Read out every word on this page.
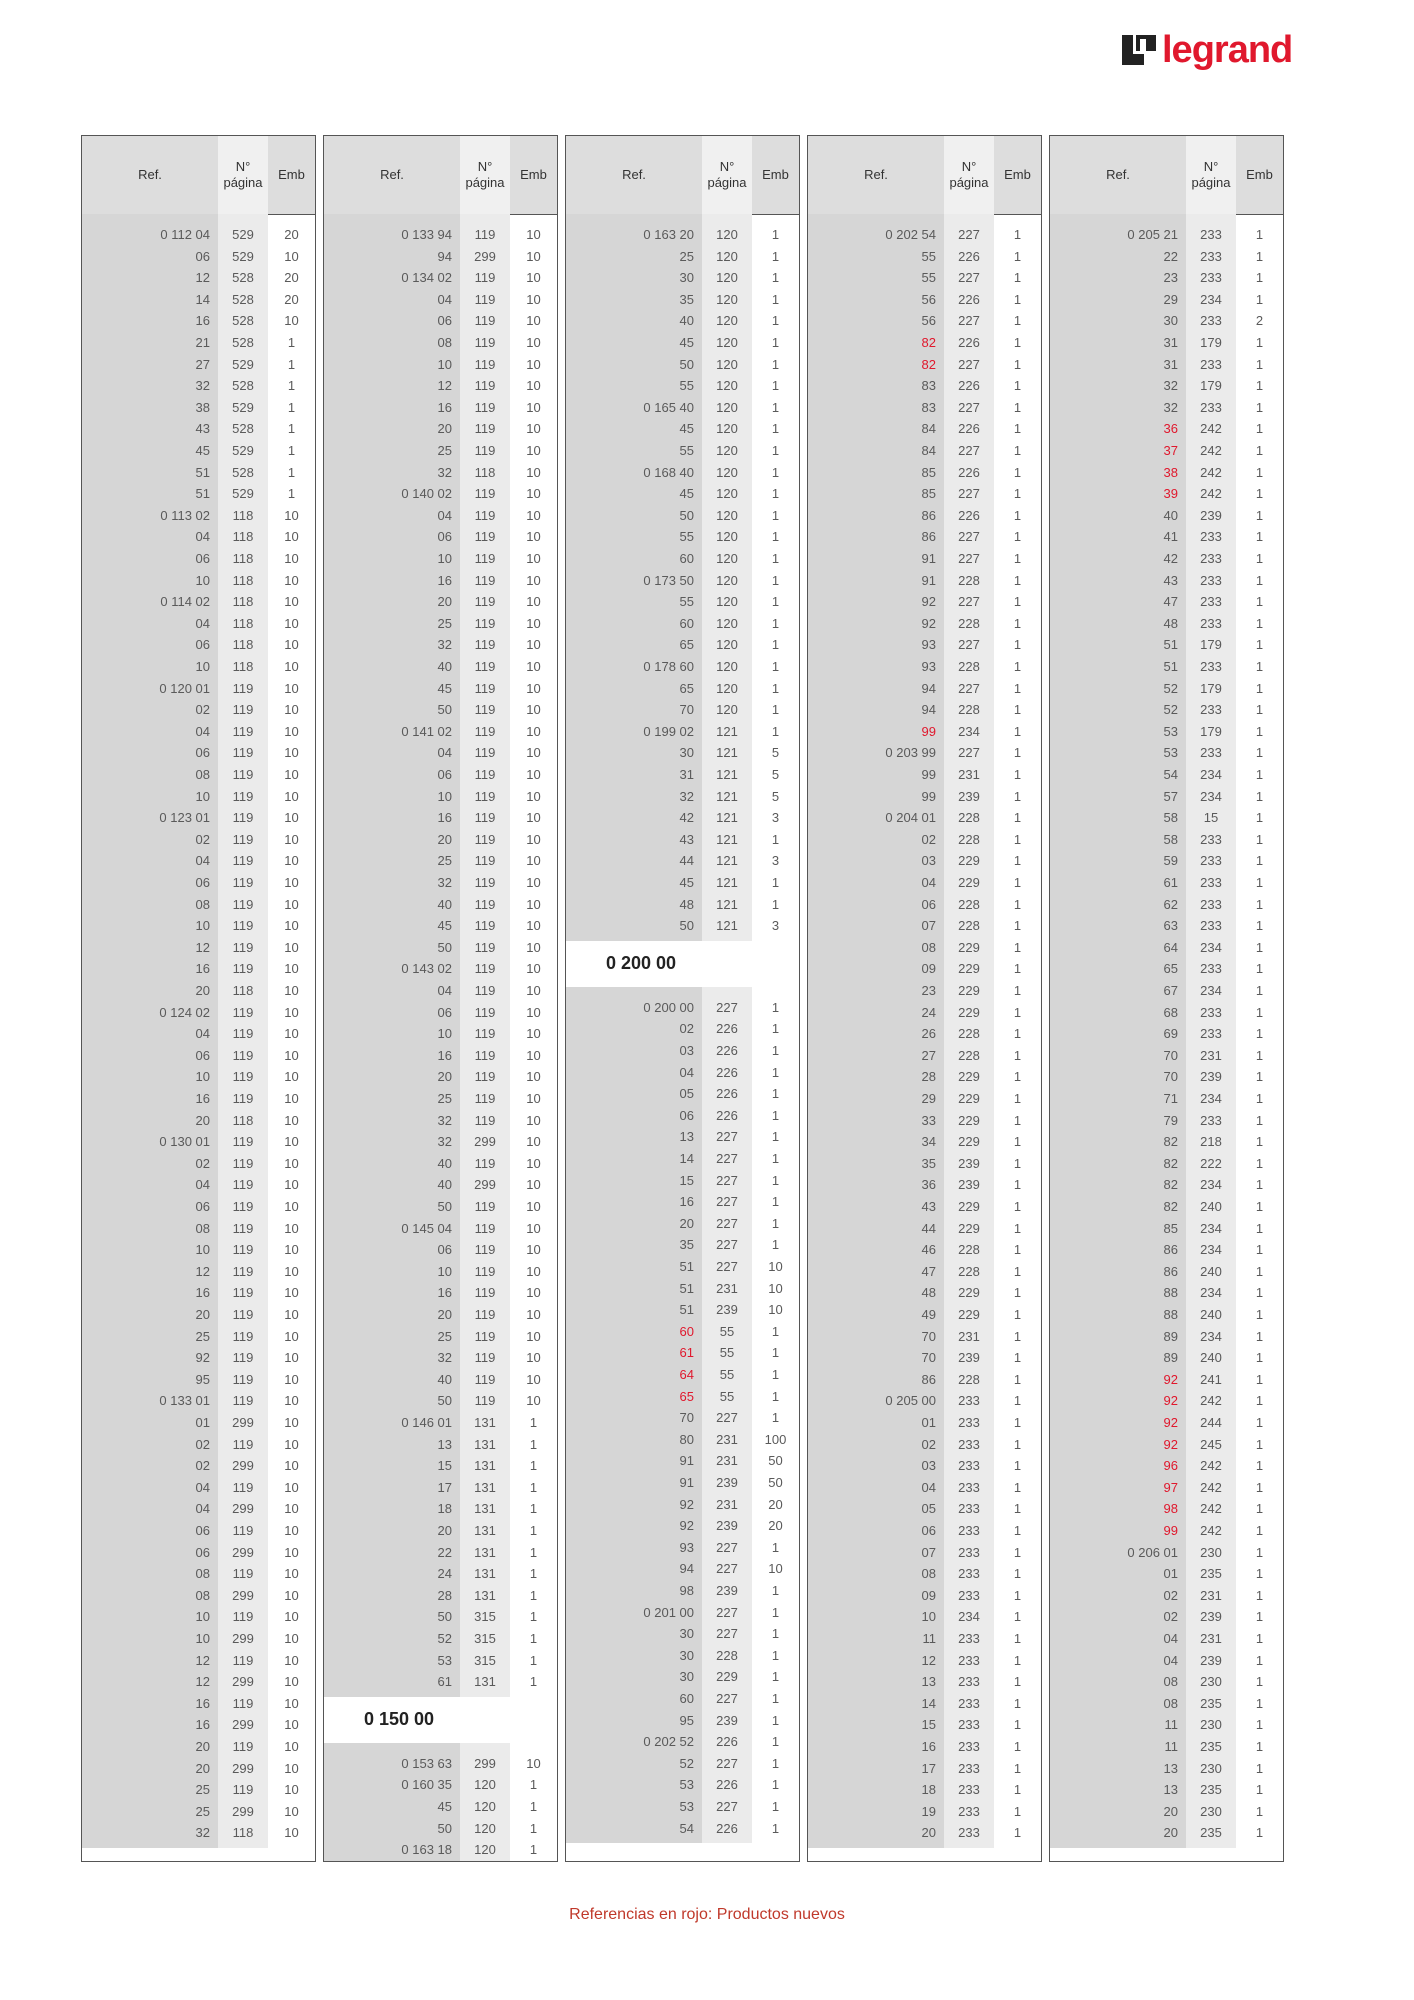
legrand
Ref.
N°
página
Emb
0 112 04	529	20
06	529	10
12	528	20
14	528	20
16	528	10
21	528	1
27	529	1
32	528	1
38	529	1
43	528	1
45	529	1
51	528	1
51	529	1
0 113 02	118	10
04	118	10
06	118	10
10	118	10
0 114 02	118	10
04	118	10
06	118	10
10	118	10
0 120 01	119	10
02	119	10
04	119	10
06	119	10
08	119	10
10	119	10
0 123 01	119	10
02	119	10
04	119	10
06	119	10
08	119	10
10	119	10
12	119	10
16	119	10
20	118	10
0 124 02	119	10
04	119	10
06	119	10
10	119	10
16	119	10
20	118	10
0 130 01	119	10
02	119	10
04	119	10
06	119	10
08	119	10
10	119	10
12	119	10
16	119	10
20	119	10
25	119	10
92	119	10
95	119	10
0 133 01	119	10
01	299	10
02	119	10
02	299	10
04	119	10
04	299	10
06	119	10
06	299	10
08	119	10
08	299	10
10	119	10
10	299	10
12	119	10
12	299	10
16	119	10
16	299	10
20	119	10
20	299	10
25	119	10
25	299	10
32	118	10
Ref.
N°
página
Emb
0 133 94	119	10
94	299	10
0 134 02	119	10
04	119	10
06	119	10
08	119	10
10	119	10
12	119	10
16	119	10
20	119	10
25	119	10
32	118	10
0 140 02	119	10
04	119	10
06	119	10
10	119	10
16	119	10
20	119	10
25	119	10
32	119	10
40	119	10
45	119	10
50	119	10
0 141 02	119	10
04	119	10
06	119	10
10	119	10
16	119	10
20	119	10
25	119	10
32	119	10
40	119	10
45	119	10
50	119	10
0 143 02	119	10
04	119	10
06	119	10
10	119	10
16	119	10
20	119	10
25	119	10
32	119	10
32	299	10
40	119	10
40	299	10
50	119	10
0 145 04	119	10
06	119	10
10	119	10
16	119	10
20	119	10
25	119	10
32	119	10
40	119	10
50	119	10
0 146 01	131	1
13	131	1
15	131	1
17	131	1
18	131	1
20	131	1
22	131	1
24	131	1
28	131	1
50	315	1
52	315	1
53	315	1
61	131	1
0 150 00
0 153 63	299	10
0 160 35	120	1
45	120	1
50	120	1
0 163 18	120	1
Ref.
N°
página
Emb
0 163 20	120	1
25	120	1
30	120	1
35	120	1
40	120	1
45	120	1
50	120	1
55	120	1
0 165 40	120	1
45	120	1
55	120	1
0 168 40	120	1
45	120	1
50	120	1
55	120	1
60	120	1
0 173 50	120	1
55	120	1
60	120	1
65	120	1
0 178 60	120	1
65	120	1
70	120	1
0 199 02	121	1
30	121	5
31	121	5
32	121	5
42	121	3
43	121	1
44	121	3
45	121	1
48	121	1
50	121	3
0 200 00
0 200 00	227	1
02	226	1
03	226	1
04	226	1
05	226	1
06	226	1
13	227	1
14	227	1
15	227	1
16	227	1
20	227	1
35	227	1
51	227	10
51	231	10
51	239	10
60	55	1
61	55	1
64	55	1
65	55	1
70	227	1
80	231	100
91	231	50
91	239	50
92	231	20
92	239	20
93	227	1
94	227	10
98	239	1
0 201 00	227	1
30	227	1
30	228	1
30	229	1
60	227	1
95	239	1
0 202 52	226	1
52	227	1
53	226	1
53	227	1
54	226	1
Ref.
N°
página
Emb
0 202 54	227	1
55	226	1
55	227	1
56	226	1
56	227	1
82	226	1
82	227	1
83	226	1
83	227	1
84	226	1
84	227	1
85	226	1
85	227	1
86	226	1
86	227	1
91	227	1
91	228	1
92	227	1
92	228	1
93	227	1
93	228	1
94	227	1
94	228	1
99	234	1
0 203 99	227	1
99	231	1
99	239	1
0 204 01	228	1
02	228	1
03	229	1
04	229	1
06	228	1
07	228	1
08	229	1
09	229	1
23	229	1
24	229	1
26	228	1
27	228	1
28	229	1
29	229	1
33	229	1
34	229	1
35	239	1
36	239	1
43	229	1
44	229	1
46	228	1
47	228	1
48	229	1
49	229	1
70	231	1
70	239	1
86	228	1
0 205 00	233	1
01	233	1
02	233	1
03	233	1
04	233	1
05	233	1
06	233	1
07	233	1
08	233	1
09	233	1
10	234	1
11	233	1
12	233	1
13	233	1
14	233	1
15	233	1
16	233	1
17	233	1
18	233	1
19	233	1
20	233	1
Ref.
N°
página
Emb
0 205 21	233	1
22	233	1
23	233	1
29	234	1
30	233	2
31	179	1
31	233	1
32	179	1
32	233	1
36	242	1
37	242	1
38	242	1
39	242	1
40	239	1
41	233	1
42	233	1
43	233	1
47	233	1
48	233	1
51	179	1
51	233	1
52	179	1
52	233	1
53	179	1
53	233	1
54	234	1
57	234	1
58	15	1
58	233	1
59	233	1
61	233	1
62	233	1
63	233	1
64	234	1
65	233	1
67	234	1
68	233	1
69	233	1
70	231	1
70	239	1
71	234	1
79	233	1
82	218	1
82	222	1
82	234	1
82	240	1
85	234	1
86	234	1
86	240	1
88	234	1
88	240	1
89	234	1
89	240	1
92	241	1
92	242	1
92	244	1
92	245	1
96	242	1
97	242	1
98	242	1
99	242	1
0 206 01	230	1
01	235	1
02	231	1
02	239	1
04	231	1
04	239	1
08	230	1
08	235	1
11	230	1
11	235	1
13	230	1
13	235	1
20	230	1
20	235	1
Referencias en rojo: Productos nuevos
